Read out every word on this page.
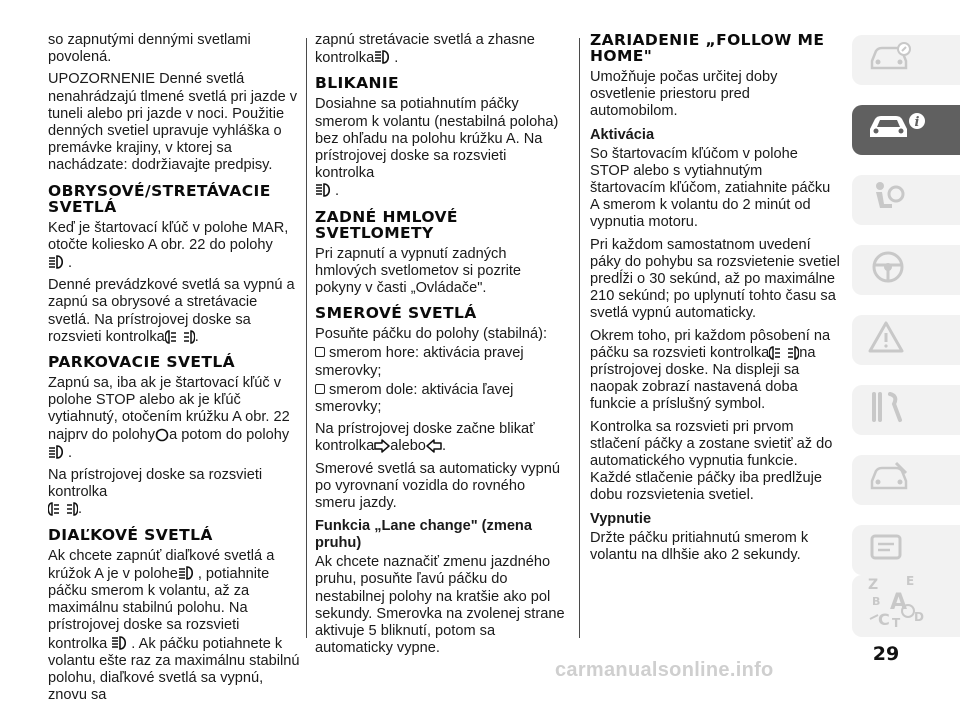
so zapnutými dennými svetlami povolená.

UPOZORNENIE Denné svetlá nenahrádzajú tlmené svetlá pri jazde v tuneli alebo pri jazde v noci. Použitie denných svetiel upravuje vyhláška o premávke krajiny, v ktorej sa nachádzate: dodržiavajte predpisy.

OBRYSOVÉ/STRETÁVACIE SVETLÁ

Keď je štartovací kľúč v polohe MAR, otočte koliesko A obr. 22 do polohy

.

Denné prevádzkové svetlá sa vypnú a zapnú sa obrysové a stretávacie svetlá. Na prístrojovej doske sa rozsvieti kontrolka .

PARKOVACIE SVETLÁ

Zapnú sa, iba ak je štartovací kľúč v polohe STOP alebo ak je kľúč vytiahnutý, otočením krúžku A obr. 22 najprv do polohy a potom do polohy
.

Na prístrojovej doske sa rozsvieti kontrolka

.

DIAĽKOVÉ SVETLÁ

Ak chcete zapnúť diaľkové svetlá a krúžok A je v polohe , potiahnite páčku smerom k volantu, až za maximálnu stabilnú polohu. Na prístrojovej doske sa rozsvieti kontrolka . Ak páčku potiahnete k volantu ešte raz za maximálnu stabilnú polohu, diaľkové svetlá sa vypnú, znovu sa

zapnú stretávacie svetlá a zhasne kontrolka .

BLIKANIE

Dosiahne sa potiahnutím páčky smerom k volantu (nestabilná poloha) bez ohľadu na polohu krúžku A. Na prístrojovej doske sa rozsvieti kontrolka

.

ZADNÉ HMLOVÉ SVETLOMETY

Pri zapnutí a vypnutí zadných hmlových svetlometov si pozrite pokyny v časti „Ovládače".

SMEROVÉ SVETLÁ

Posuňte páčku do polohy (stabilná):

smerom hore: aktivácia pravej smerovky;

smerom dole: aktivácia ľavej smerovky;

Na prístrojovej doske začne blikať kontrolka alebo .

Smerové svetlá sa automaticky vypnú po vyrovnaní vozidla do rovného smeru jazdy.

Funkcia „Lane change" (zmena pruhu)

Ak chcete naznačiť zmenu jazdného pruhu, posuňte ľavú páčku do nestabilnej polohy na kratšie ako pol sekundy. Smerovka na zvolenej strane aktivuje 5 bliknutí, potom sa automaticky vypne.

ZARIADENIE „FOLLOW ME HOME"

Umožňuje počas určitej doby osvetlenie priestoru pred automobilom.

Aktivácia

So štartovacím kľúčom v polohe STOP alebo s vytiahnutým štartovacím kľúčom, zatiahnite páčku A smerom k volantu do 2 minút od vypnutia motoru.

Pri každom samostatnom uvedení páky do pohybu sa rozsvietenie svetiel predĺži o 30 sekúnd, až po maximálne 210 sekúnd; po uplynutí tohto času sa svetlá vypnú automaticky.

Okrem toho, pri každom pôsobení na páčku sa rozsvieti kontrolka na prístrojovej doske. Na displeji sa naopak zobrazí nastavená doba funkcie a príslušný symbol.

Kontrolka sa rozsvieti pri prvom stlačení páčky a zostane svietiť až do automatického vypnutia funkcie. Každé stlačenie páčky iba predlžuje dobu rozsvietenia svetiel.

Vypnutie

Držte páčku pritiahnutú smerom k volantu na dlhšie ako 2 sekundy.

i
Z E
B A
C T D
29
carmanualsonline.info
